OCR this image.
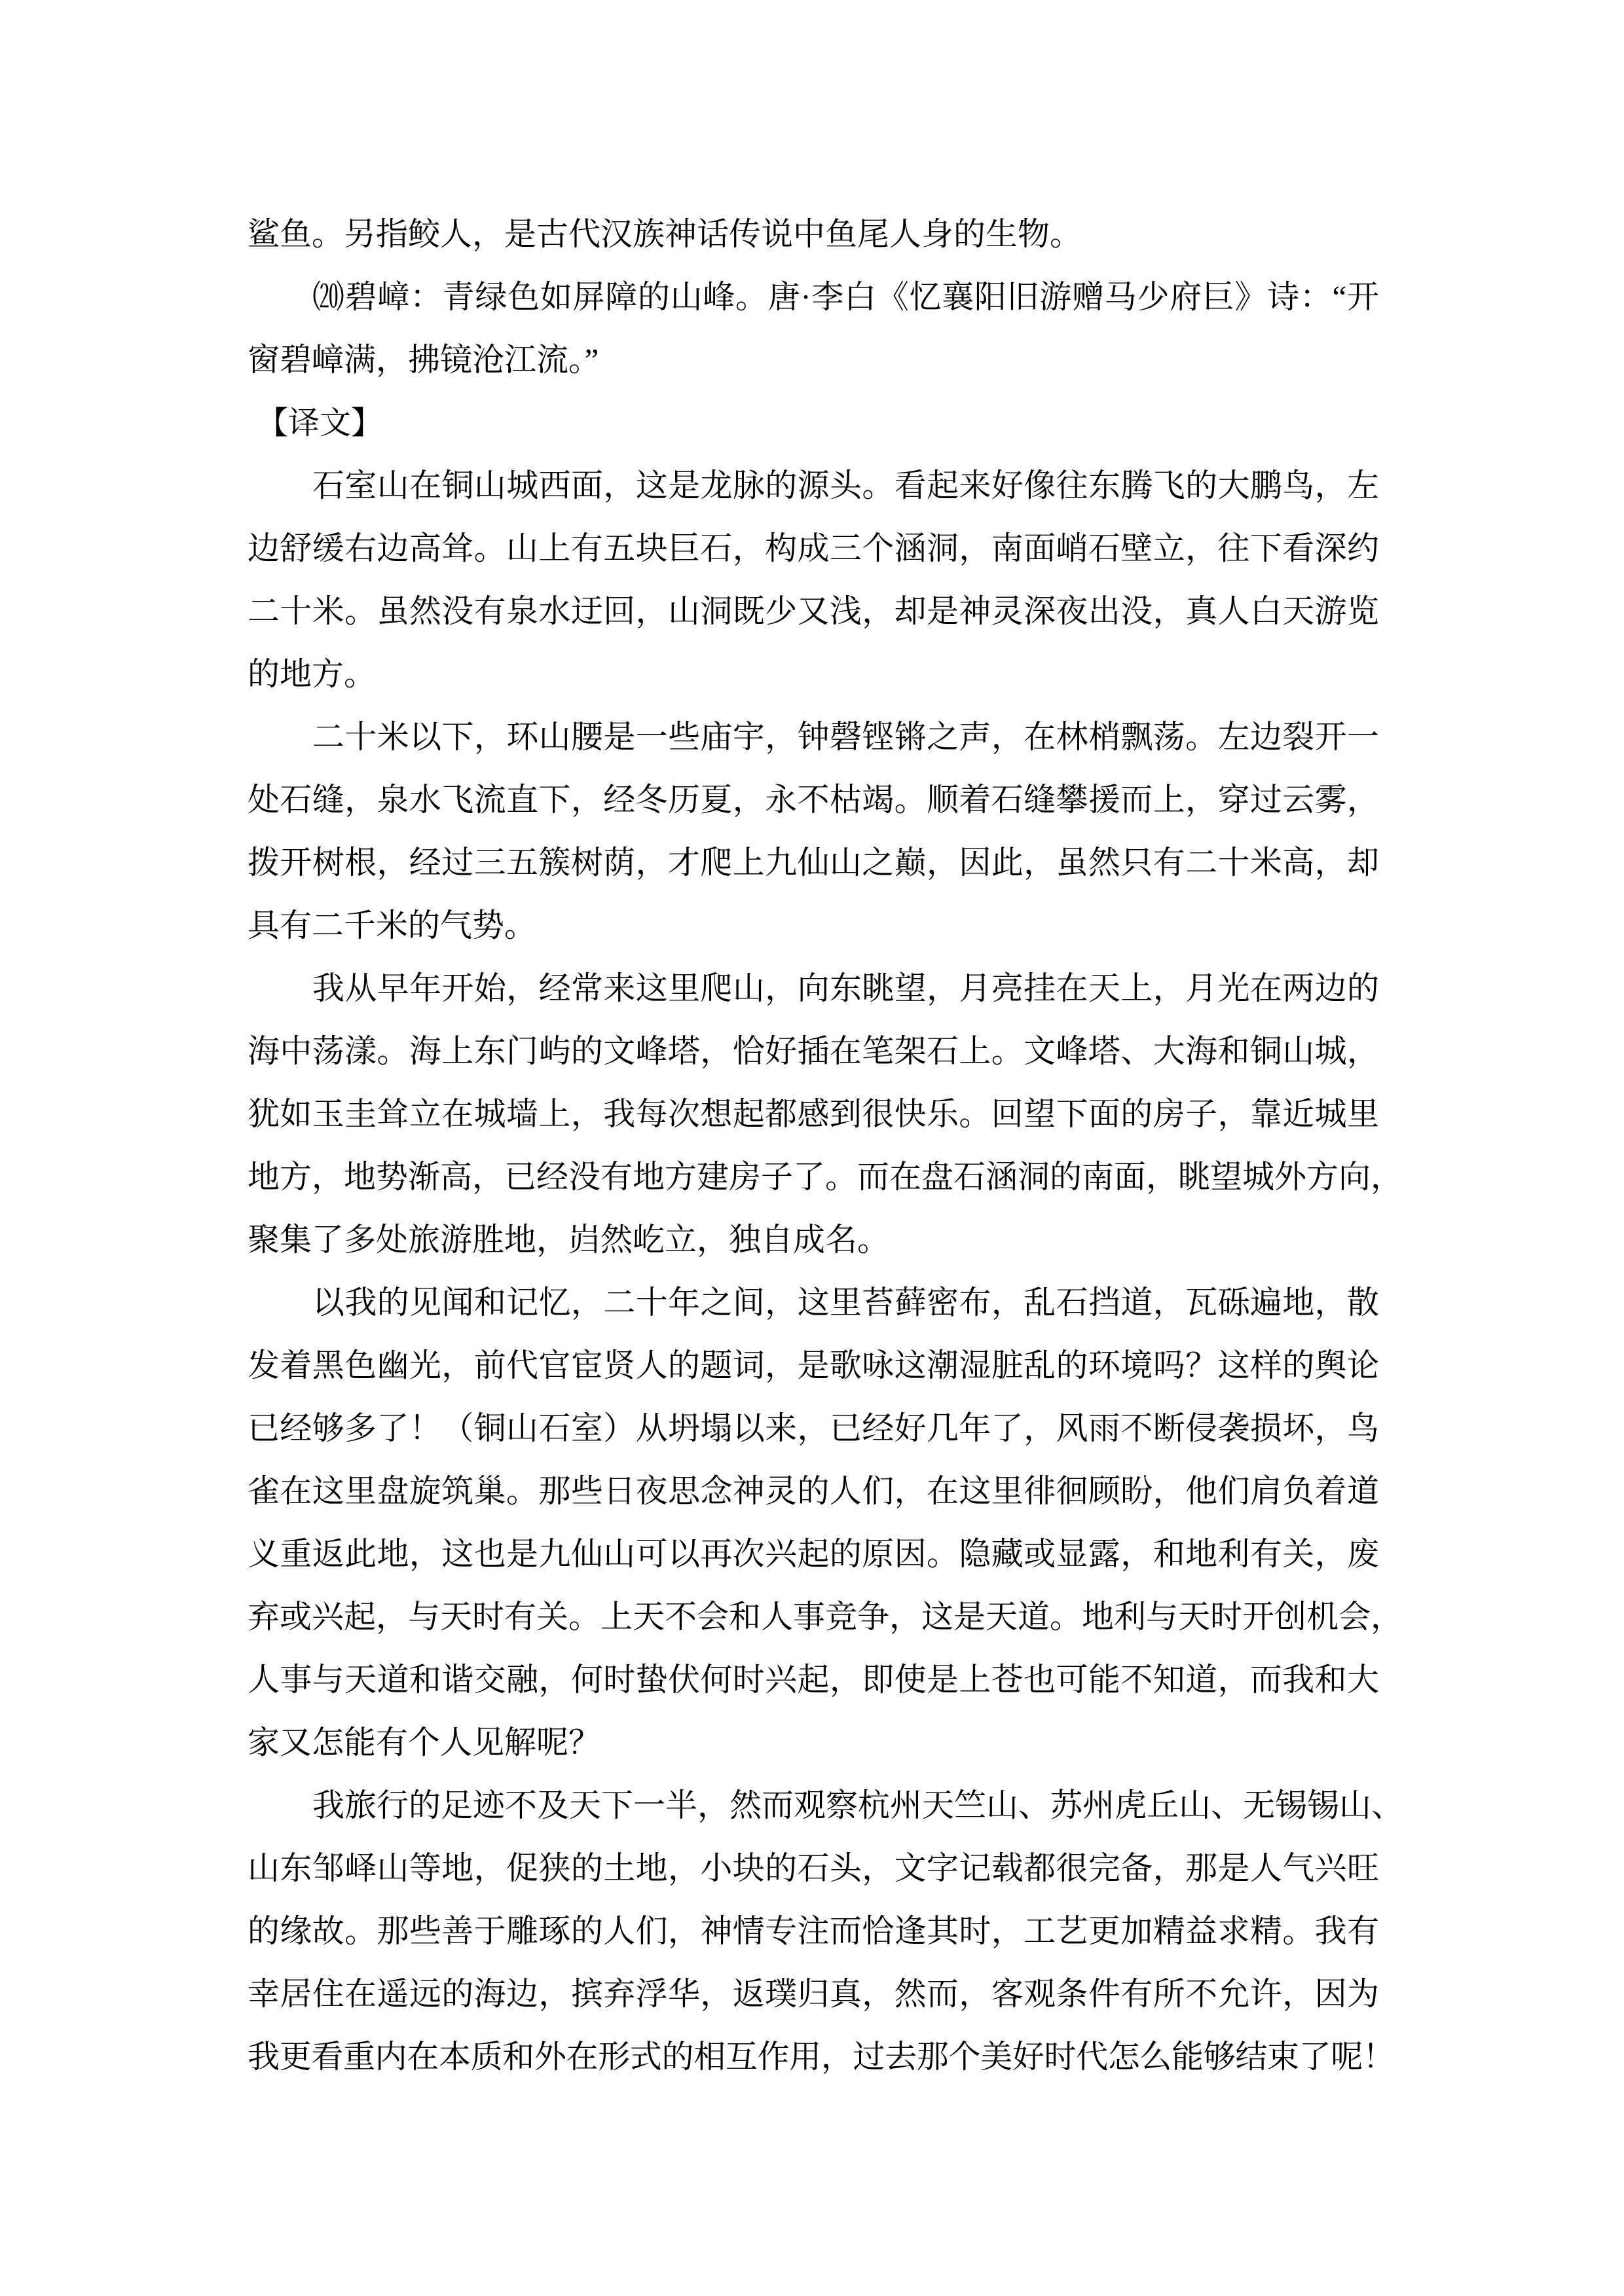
鲨鱼。另指鲛人，是古代汉族神话传说中鱼尾人身的生物。
⒇碧嶂：青绿色如屏障的山峰。唐·李白《忆襄阳旧游赠马少府巨》诗：“开
窗碧嶂满，拂镜沧江流。”
【译文】
石室山在铜山城西面，这是龙脉的源头。看起来好像往东腾飞的大鹏鸟，左
边舒缓右边高耸。山上有五块巨石，构成三个涵洞，南面峭石壁立，往下看深约
二十米。虽然没有泉水迂回，山洞既少又浅，却是神灵深夜出没，真人白天游览
的地方。
二十米以下，环山腰是一些庙宇，钟磬铿锵之声，在林梢飘荡。左边裂开一
处石缝，泉水飞流直下，经冬历夏，永不枯竭。顺着石缝攀援而上，穿过云雾，
拨开树根，经过三五簇树荫，才爬上九仙山之巅，因此，虽然只有二十米高，却
具有二千米的气势。
我从早年开始，经常来这里爬山，向东眺望，月亮挂在天上，月光在两边的
海中荡漾。海上东门屿的文峰塔，恰好插在笔架石上。文峰塔、大海和铜山城，
犹如玉圭耸立在城墙上，我每次想起都感到很快乐。回望下面的房子，靠近城里
地方，地势渐高，已经没有地方建房子了。而在盘石涵洞的南面，眺望城外方向，
聚集了多处旅游胜地，岿然屹立，独自成名。
以我的见闻和记忆，二十年之间，这里苔藓密布，乱石挡道，瓦砾遍地，散
发着黑色幽光，前代官宦贤人的题词，是歌咏这潮湿脏乱的环境吗？这样的舆论
已经够多了！（铜山石室）从坍塌以来，已经好几年了，风雨不断侵袭损坏，鸟
雀在这里盘旋筑巢。那些日夜思念神灵的人们，在这里徘徊顾盼，他们肩负着道
义重返此地，这也是九仙山可以再次兴起的原因。隐藏或显露，和地利有关，废
弃或兴起，与天时有关。上天不会和人事竞争，这是天道。地利与天时开创机会，
人事与天道和谐交融，何时蛰伏何时兴起，即使是上苍也可能不知道，而我和大
家又怎能有个人见解呢？
我旅行的足迹不及天下一半，然而观察杭州天竺山、苏州虎丘山、无锡锡山、
山东邹峄山等地，促狭的土地，小块的石头，文字记载都很完备，那是人气兴旺
的缘故。那些善于雕琢的人们，神情专注而恰逢其时，工艺更加精益求精。我有
幸居住在遥远的海边，摈弃浮华，返璞归真，然而，客观条件有所不允许，因为
我更看重内在本质和外在形式的相互作用，过去那个美好时代怎么能够结束了呢！
